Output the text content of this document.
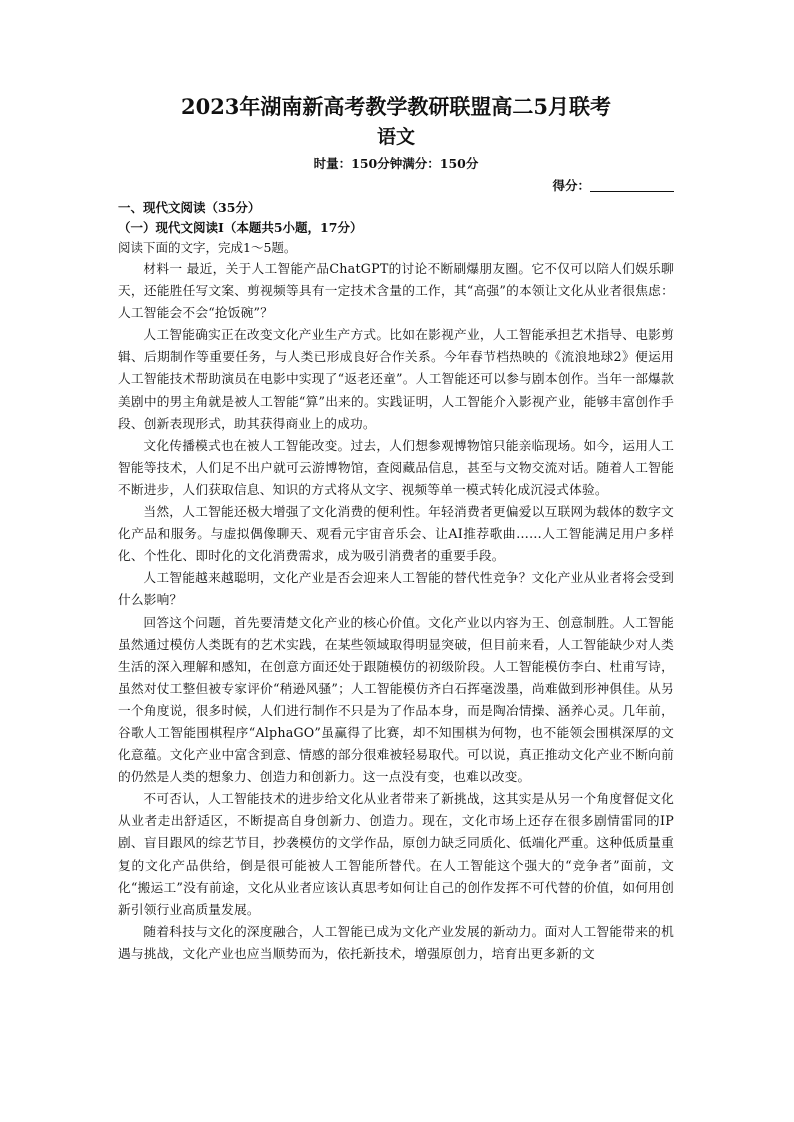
2023年湖南新高考教学教研联盟高二5月联考
语文

时量：150分钟满分：150分

得分：

一、现代文阅读（35分）

（一）现代文阅读Ⅰ（本题共5小题，17分）

阅读下面的文字，完成1～5题。

材料一 最近，关于人工智能产品ChatGPT的讨论不断刷爆朋友圈。它不仅可以陪人们娱乐聊天，还能胜任写文案、剪视频等具有一定技术含量的工作，其“高强”的本领让文化从业者很焦虑：人工智能会不会“抢饭碗”？

人工智能确实正在改变文化产业生产方式。比如在影视产业，人工智能承担艺术指导、电影剪辑、后期制作等重要任务，与人类已形成良好合作关系。今年春节档热映的《流浪地球2》便运用人工智能技术帮助演员在电影中实现了“返老还童”。人工智能还可以参与剧本创作。当年一部爆款美剧中的男主角就是被人工智能“算”出来的。实践证明，人工智能介入影视产业，能够丰富创作手段、创新表现形式，助其获得商业上的成功。

文化传播模式也在被人工智能改变。过去，人们想参观博物馆只能亲临现场。如今，运用人工智能等技术，人们足不出户就可云游博物馆，查阅藏品信息，甚至与文物交流对话。随着人工智能不断进步，人们获取信息、知识的方式将从文字、视频等单一模式转化成沉浸式体验。

当然，人工智能还极大增强了文化消费的便利性。年轻消费者更偏爱以互联网为载体的数字文化产品和服务。与虚拟偶像聊天、观看元宇宙音乐会、让AI推荐歌曲……人工智能满足用户多样化、个性化、即时化的文化消费需求，成为吸引消费者的重要手段。

人工智能越来越聪明，文化产业是否会迎来人工智能的替代性竞争？文化产业从业者将会受到什么影响？

回答这个问题，首先要清楚文化产业的核心价值。文化产业以内容为王、创意制胜。人工智能虽然通过模仿人类既有的艺术实践，在某些领域取得明显突破，但目前来看，人工智能缺少对人类生活的深入理解和感知，在创意方面还处于跟随模仿的初级阶段。人工智能模仿李白、杜甫写诗，虽然对仗工整但被专家评价“稍逊风骚”；人工智能模仿齐白石挥毫泼墨，尚难做到形神俱佳。从另一个角度说，很多时候，人们进行制作不只是为了作品本身，而是陶冶情操、涵养心灵。几年前，谷歌人工智能围棋程序“AlphaGO”虽赢得了比赛，却不知围棋为何物，也不能领会围棋深厚的文化意蕴。文化产业中富含到意、情感的部分很难被轻易取代。可以说，真正推动文化产业不断向前的仍然是人类的想象力、创造力和创新力。这一点没有变，也难以改变。

不可否认，人工智能技术的进步给文化从业者带来了新挑战，这其实是从另一个角度督促文化从业者走出舒适区，不断提高自身创新力、创造力。现在，文化市场上还存在很多剧情雷同的IP剧、盲目跟风的综艺节目，抄袭模仿的文学作品，原创力缺乏同质化、低端化严重。这种低质量重复的文化产品供给，倒是很可能被人工智能所替代。在人工智能这个强大的“竞争者”面前，文化“搬运工”没有前途，文化从业者应该认真思考如何让自己的创作发挥不可代替的价值，如何用创新引领行业高质量发展。

随着科技与文化的深度融合，人工智能已成为文化产业发展的新动力。面对人工智能带来的机遇与挑战，文化产业也应当顺势而为，依托新技术，增强原创力，培育出更多新的文
